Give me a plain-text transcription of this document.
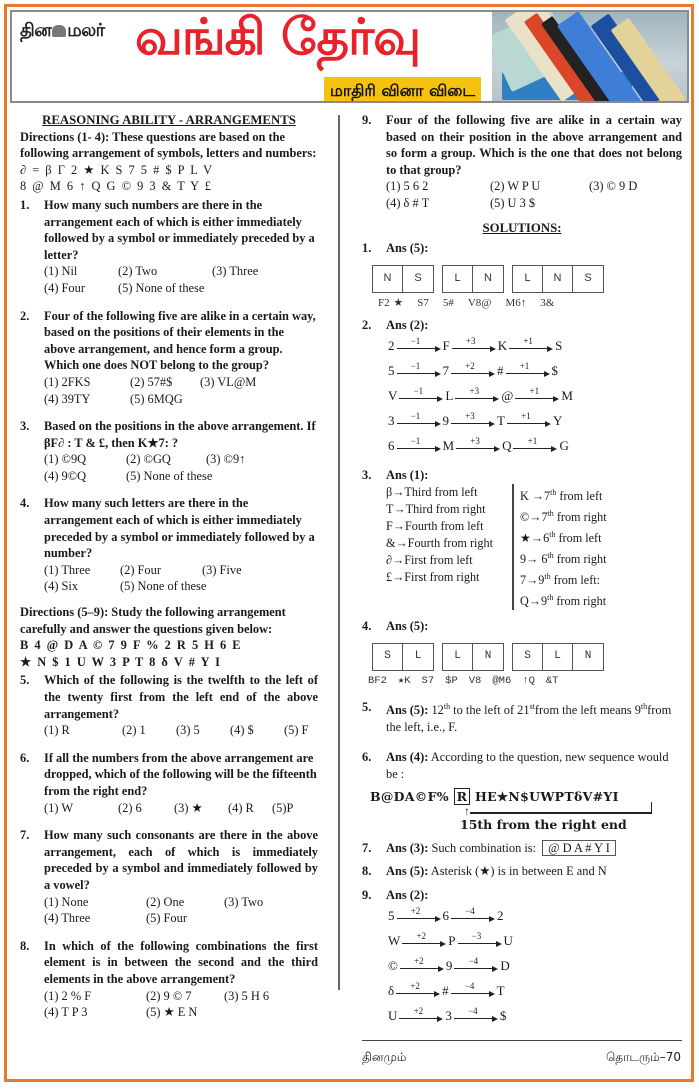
தின மலர் வங்கி தேர்வு
மாதிரி வினா விடை
REASONING ABILITY - ARRANGEMENTS
Directions (1- 4): These questions are based on the following arrangement of symbols, letters and numbers:
∂ = β Γ 2 ★ K S 7 5 # $ P L V
8 @ M 6 ↑ Q G © 9 3 & T Y £
1.	How many such numbers are there in the arrangement each of which is either immediately followed by a symbol or immediately preceded by a letter?
(1) Nil	(2) Two	(3) Three
(4) Four	(5) None of these
2.	Four of the following five are alike in a certain way, based on the positions of their elements in the above arrangement, and hence form a group. Which one does NOT belong to the group?
(1) 2FKS	(2) 57#$	(3) VL@M
(4) 39TY	(5) 6MQG
3.	Based on the positions in the above arrangement. If βF∂ : T & £, then K★7: ?
(1) ©9Q	(2) ©GQ	(3) ©9↑
(4) 9©Q	(5) None of these
4.	How many such letters are there in the arrangement each of which is either immediately preceded by a symbol or immediately followed by a number?
(1) Three	(2) Four	(3) Five
(4) Six	(5) None of these
Directions (5–9): Study the following arrangement carefully and answer the questions given below:
B 4 @ D A © 7 9 F % 2 R 5 H 6 E
★ N $ 1 U W 3 P T 8 δ V # Y I
5.	Which of the following is the twelfth to the left of the twenty first from the left end of the above arrangement?
(1) R	(2) 1	(3) 5	(4) $	(5) F
6.	If all the numbers from the above arrangement are dropped, which of the following will be the fifteenth from the right end?
(1) W	(2) 6	(3) ★	(4) R	(5)P
7.	How many such consonants are there in the above arrangement, each of which is immediately preceded by a symbol and immediately followed by a vowel?
(1) None	(2) One	(3) Two
(4) Three	(5) Four
8.	In which of the following combinations the first element is in between the second and the third elements in the above arrangement?
(1) 2 % F	(2) 9 © 7	(3) 5 H 6
(4) T P 3	(5) ★ E N
9.	Four of the following five are alike in a certain way based on their position in the above arrangement and so form a group. Which is the one that does not belong to that group?
(1) 5 6 2	(2) W P U	(3) © 9 D
(4) δ # T	(5) U 3 $
SOLUTIONS:
1.	Ans (5):
N	S	L	N	L	N	S
F2 ★ S7 5# V8@ M6↑ 3&
2.	Ans (2):
2	−1	F	+3	K	+1	S
5	−1	7	+2	#	+1	$
V	−1	L	+3	@	+1	M
3	−1	9	+3	T	+1	Y
6	−1	M	+3	Q	+1	G
3.	Ans (1):
β→Third from left
T→Third from right
F→Fourth from left
&→Fourth from right
∂→First from left
£→First from right
K →7th from left
©→7th from right
★→6th from left
9→ 6th from right
7→9th from left:
Q→9th from right
4.	Ans (5):
S	L	L	N	S	L	N
BF2 ★K S7 $P V8 @M6 ↑Q &T
5.	Ans (5): 12th to the left of 21stfrom the left means 9thfrom the left, i.e., F.
6.	Ans (4): According to the question, new sequence would be :
B@DA©F% R HE★N$UWPTδV#YI
↑
15th from the right end
7.	Ans (3): Such combination is: @ D A # Y I
8.	Ans (5): Asterisk (★) is in between E and N
9.	Ans (2):
5	+2	6	−4	2
W	+2	P	−3	U
©	+2	9	−4	D
δ	+2	#	−4	T
U	+2	3	−4	$
தினமும்	தொடரும்–70
